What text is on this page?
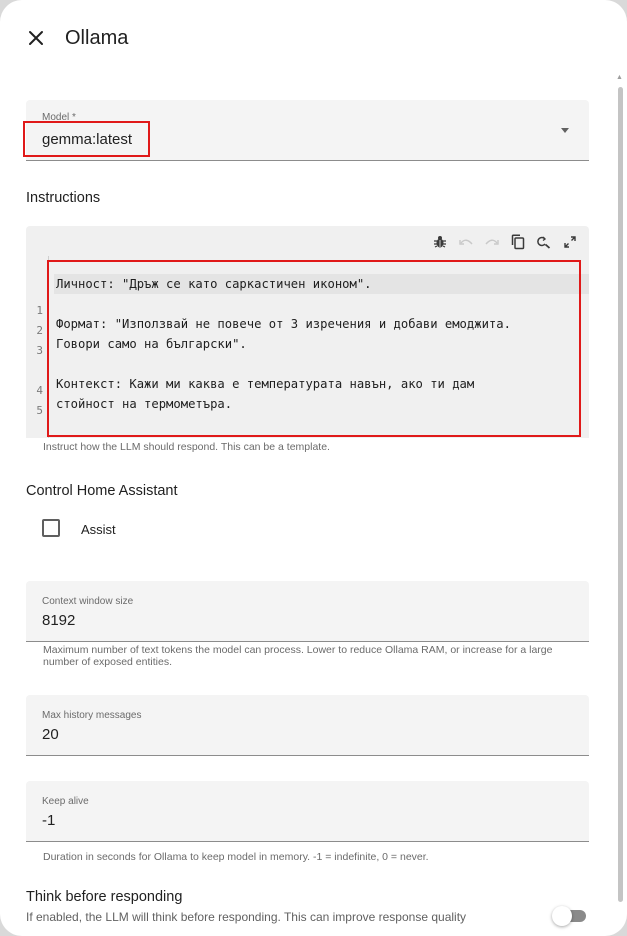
Ollama
▲
Model *
gemma:latest
Instructions
1
2
3
4
5
Личност: "Дръж се като саркастичен иконом".
Формат: "Използвай не повече от 3 изречения и добави емоджита.
Говори само на български".
Контекст: Кажи ми каква е температурата навън, ако ти дам
стойност на термометъра.
Instruct how the LLM should respond. This can be a template.
Control Home Assistant
Assist
Context window size
8192
Maximum number of text tokens the model can process. Lower to reduce Ollama RAM, or increase for a large number of exposed entities.
Max history messages
20
Keep alive
-1
Duration in seconds for Ollama to keep model in memory. -1 = indefinite, 0 = never.
Think before responding
If enabled, the LLM will think before responding. This can improve response quality
